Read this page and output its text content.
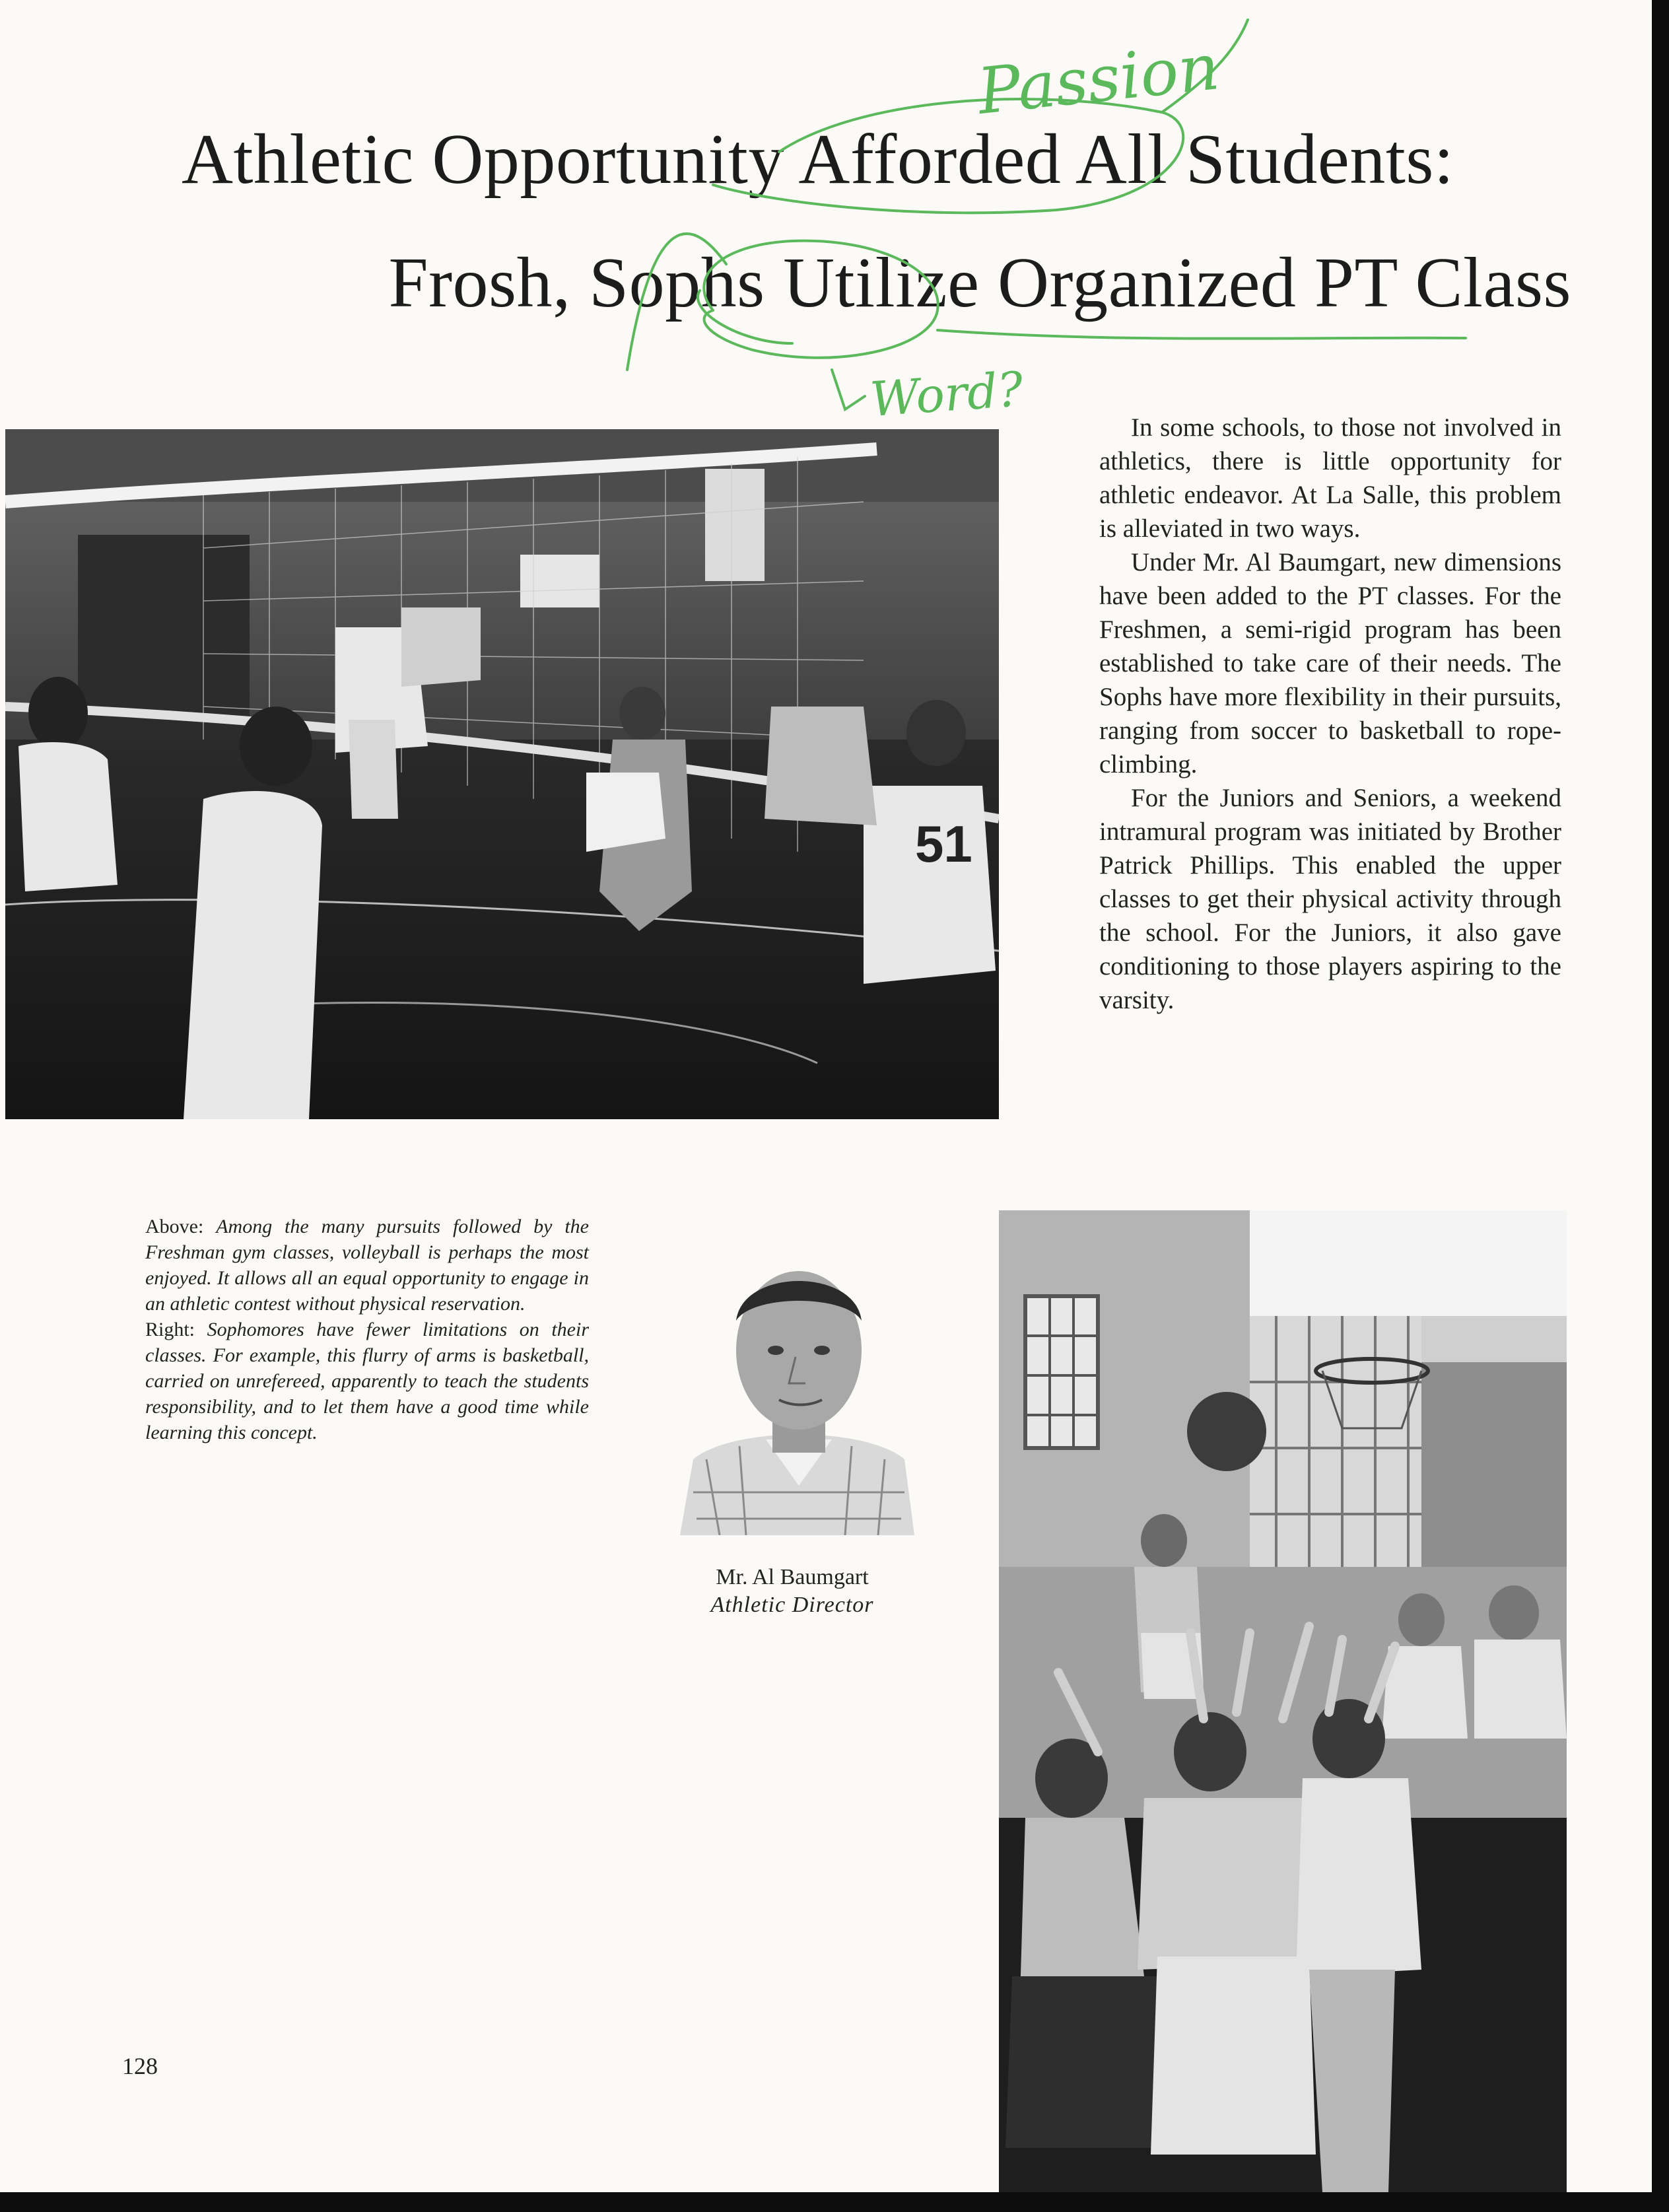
Athletic Opportunity Afforded All Students:
Frosh, Sophs Utilize Organized PT Class
Passion
Word?
51

In some schools, to those not involved in athletics, there is little opportunity for athletic endeavor. At La Salle, this problem is alleviated in two ways.

Under Mr. Al Baumgart, new dimensions have been added to the PT classes. For the Freshmen, a semi-rigid program has been established to take care of their needs. The Sophs have more flexibility in their pursuits, ranging from soccer to basketball to rope-climbing.

For the Juniors and Seniors, a weekend intramural program was initiated by Brother Patrick Phillips. This enabled the upper classes to get their physical activity through the school. For the Juniors, it also gave conditioning to those players aspiring to the varsity.

Above: Among the many pursuits followed by the Freshman gym classes, volleyball is perhaps the most enjoyed. It allows all an equal opportunity to engage in an athletic contest without physical reservation.

Right: Sophomores have fewer limitations on their classes. For example, this flurry of arms is basketball, carried on unrefereed, apparently to teach the students responsibility, and to let them have a good time while learning this concept.

Mr. Al Baumgart
Athletic Director
128
